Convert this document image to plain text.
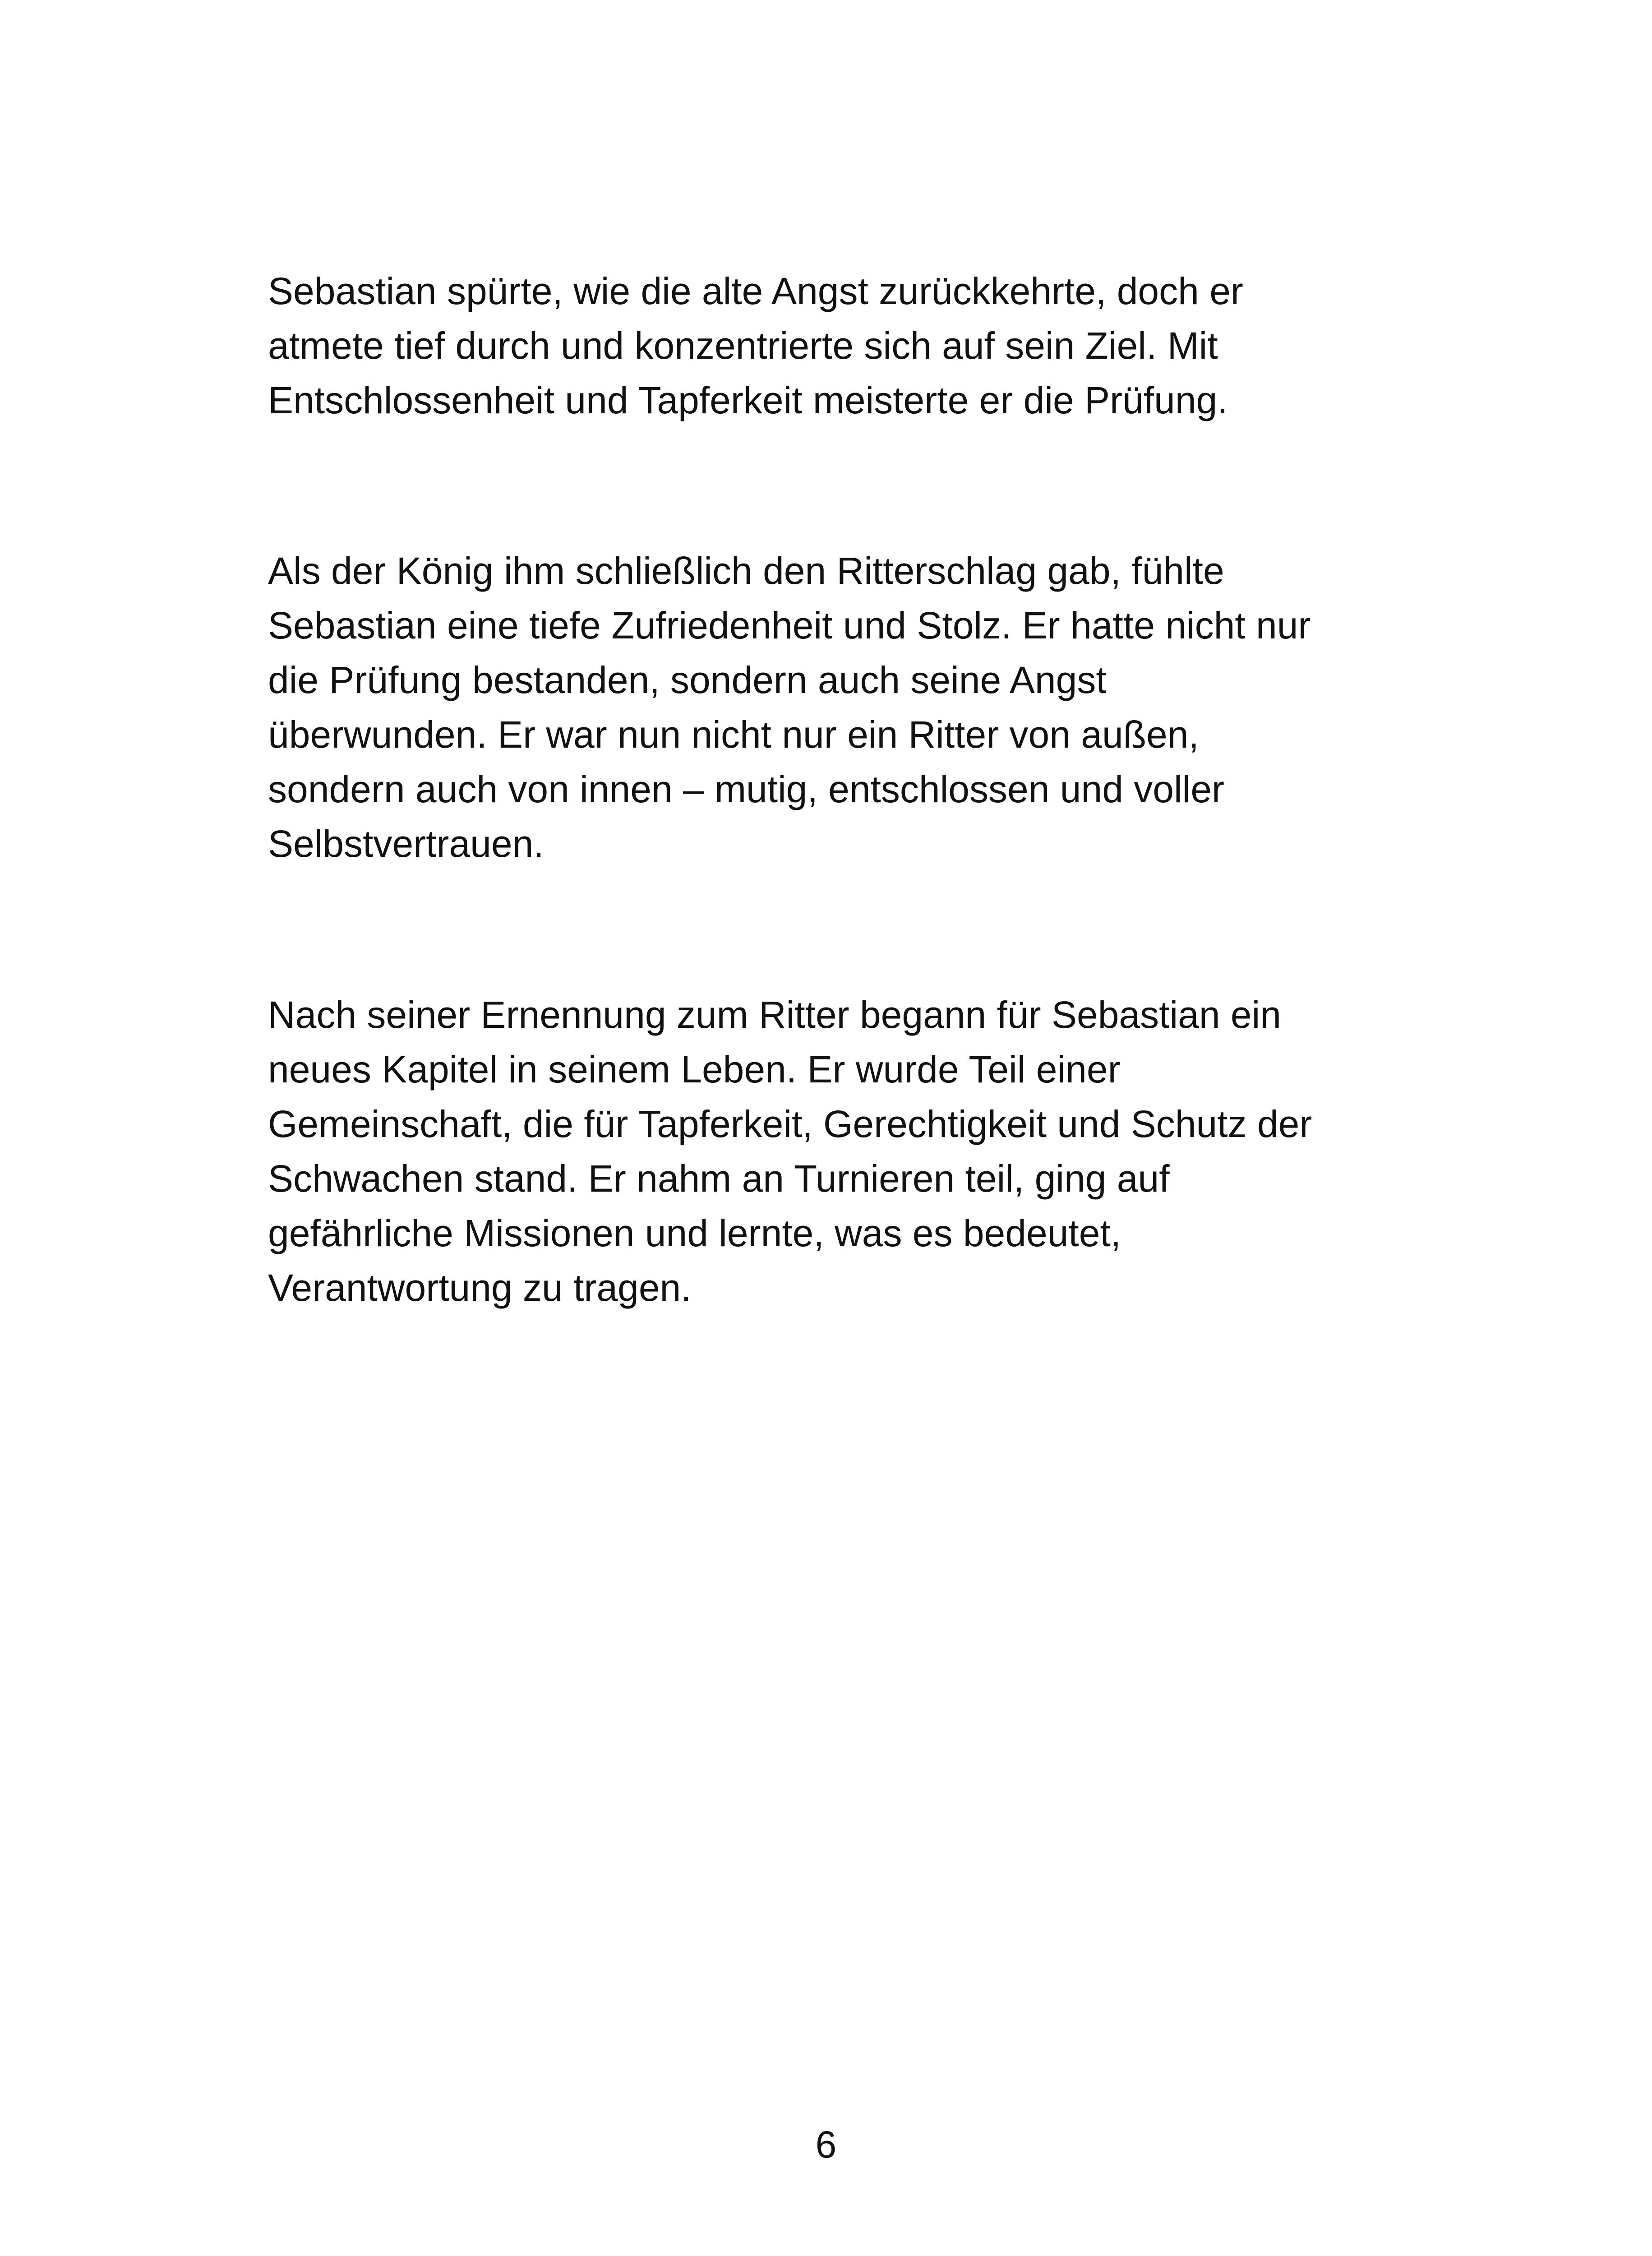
Sebastian spürte, wie die alte Angst zurückkehrte, doch er
atmete tief durch und konzentrierte sich auf sein Ziel. Mit
Entschlossenheit und Tapferkeit meisterte er die Prüfung.

Als der König ihm schließlich den Ritterschlag gab, fühlte
Sebastian eine tiefe Zufriedenheit und Stolz. Er hatte nicht nur
die Prüfung bestanden, sondern auch seine Angst
überwunden. Er war nun nicht nur ein Ritter von außen,
sondern auch von innen – mutig, entschlossen und voller
Selbstvertrauen.

Nach seiner Ernennung zum Ritter begann für Sebastian ein
neues Kapitel in seinem Leben. Er wurde Teil einer
Gemeinschaft, die für Tapferkeit, Gerechtigkeit und Schutz der
Schwachen stand. Er nahm an Turnieren teil, ging auf
gefährliche Missionen und lernte, was es bedeutet,
Verantwortung zu tragen.

6
